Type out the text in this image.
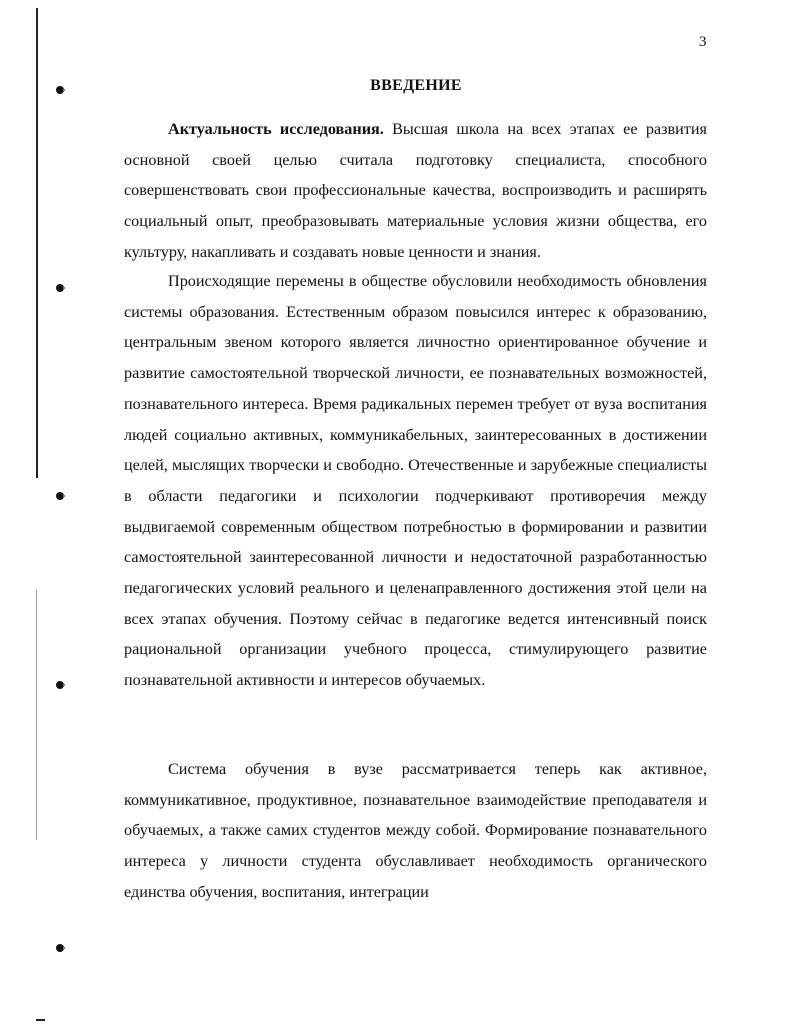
3
ВВЕДЕНИЕ

Актуальность исследования. Высшая школа на всех этапах ее развития основной своей целью считала подготовку специалиста, способного совершенствовать свои профессиональные качества, воспроизводить и расширять социальный опыт, преобразовывать материальные условия жизни общества, его культуру, накапливать и создавать новые ценности и знания.

Происходящие перемены в обществе обусловили необходимость обновления системы образования. Естественным образом повысился интерес к образованию, центральным звеном которого является личностно ориентированное обучение и развитие самостоятельной творческой личности, ее познавательных возможностей, познавательного интереса. Время радикальных перемен требует от вуза воспитания людей социально активных, коммуникабельных, заинтересованных в достижении целей, мыслящих творчески и свободно. Отечественные и зарубежные специалисты в области педагогики и психологии подчеркивают противоречия между выдвигаемой современным обществом потребностью в формировании и развитии самостоятельной заинтересованной личности и недостаточной разработанностью педагогических условий реального и целенаправленного достижения этой цели на всех этапах обучения. Поэтому сейчас в педагогике ведется интенсивный поиск рациональной организации учебного процесса, стимулирующего развитие познавательной активности и интересов обучаемых.

Система обучения в вузе рассматривается теперь как активное, коммуникативное, продуктивное, познавательное взаимодействие преподавателя и обучаемых, а также самих студентов между собой. Формирование познавательного интереса у личности студента обуславливает необходимость органического единства обучения, воспитания, интеграции
